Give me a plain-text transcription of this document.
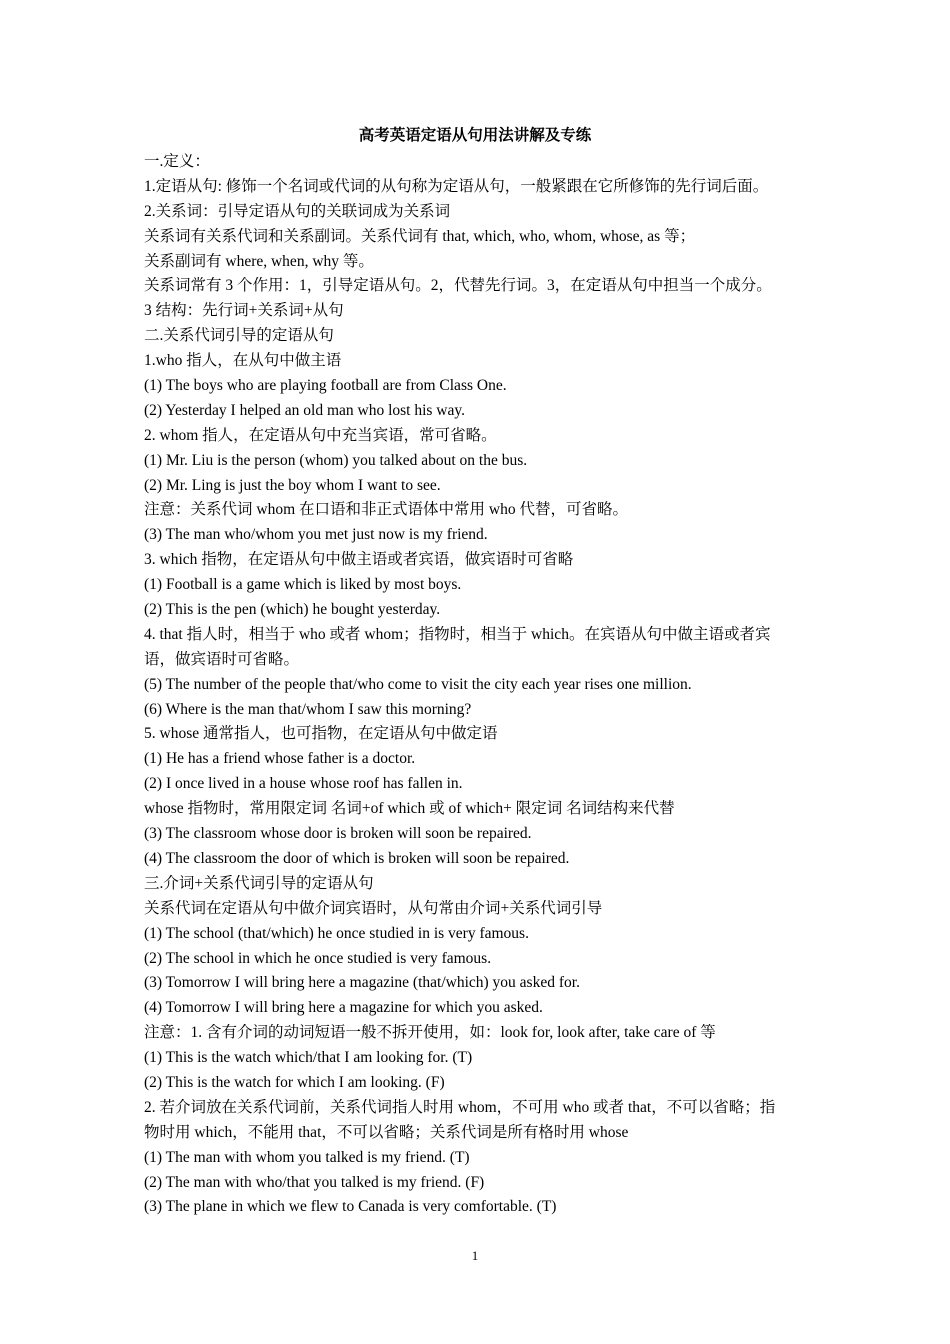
高考英语定语从句用法讲解及专练
一.定义：
1.定语从句: 修饰一个名词或代词的从句称为定语从句，一般紧跟在它所修饰的先行词后面。
2.关系词：引导定语从句的关联词成为关系词
关系词有关系代词和关系副词。关系代词有 that, which, who, whom, whose, as 等；
关系副词有 where, when, why 等。
关系词常有 3 个作用：1，引导定语从句。2，代替先行词。3，在定语从句中担当一个成分。
3 结构：先行词+关系词+从句
二.关系代词引导的定语从句
1.who 指人，在从句中做主语
(1) The boys who are playing football are from Class One.
(2) Yesterday I helped an old man who lost his way.
2. whom 指人，在定语从句中充当宾语，常可省略。
(1) Mr. Liu is the person (whom) you talked about on the bus.
(2) Mr. Ling is just the boy whom I want to see.
注意：关系代词 whom 在口语和非正式语体中常用 who 代替，可省略。
(3) The man who/whom you met just now is my friend.
3. which 指物，在定语从句中做主语或者宾语，做宾语时可省略
(1) Football is a game which is liked by most boys.
(2) This is the pen (which) he bought yesterday.
4. that 指人时，相当于 who 或者 whom；指物时，相当于 which。在宾语从句中做主语或者宾
语，做宾语时可省略。
(5) The number of the people that/who come to visit the city each year rises one million.
(6) Where is the man that/whom I saw this morning?
5. whose 通常指人，也可指物，在定语从句中做定语
(1) He has a friend whose father is a doctor.
(2) I once lived in a house whose roof has fallen in.
whose 指物时，常用限定词 名词+of which 或 of which+ 限定词 名词结构来代替
(3) The classroom whose door is broken will soon be repaired.
(4) The classroom the door of which is broken will soon be repaired.
三.介词+关系代词引导的定语从句
关系代词在定语从句中做介词宾语时，从句常由介词+关系代词引导
(1) The school (that/which) he once studied in is very famous.
(2) The school in which he once studied is very famous.
(3) Tomorrow I will bring here a magazine (that/which) you asked for.
(4) Tomorrow I will bring here a magazine for which you asked.
注意：1. 含有介词的动词短语一般不拆开使用，如：look for, look after, take care of 等
(1) This is the watch which/that I am looking for. (T)
(2) This is the watch for which I am looking. (F)
2. 若介词放在关系代词前，关系代词指人时用 whom，不可用 who 或者 that，不可以省略；指
物时用 which，不能用 that，不可以省略；关系代词是所有格时用 whose
(1) The man with whom you talked is my friend. (T)
(2) The man with who/that you talked is my friend. (F)
(3) The plane in which we flew to Canada is very comfortable. (T)
1
